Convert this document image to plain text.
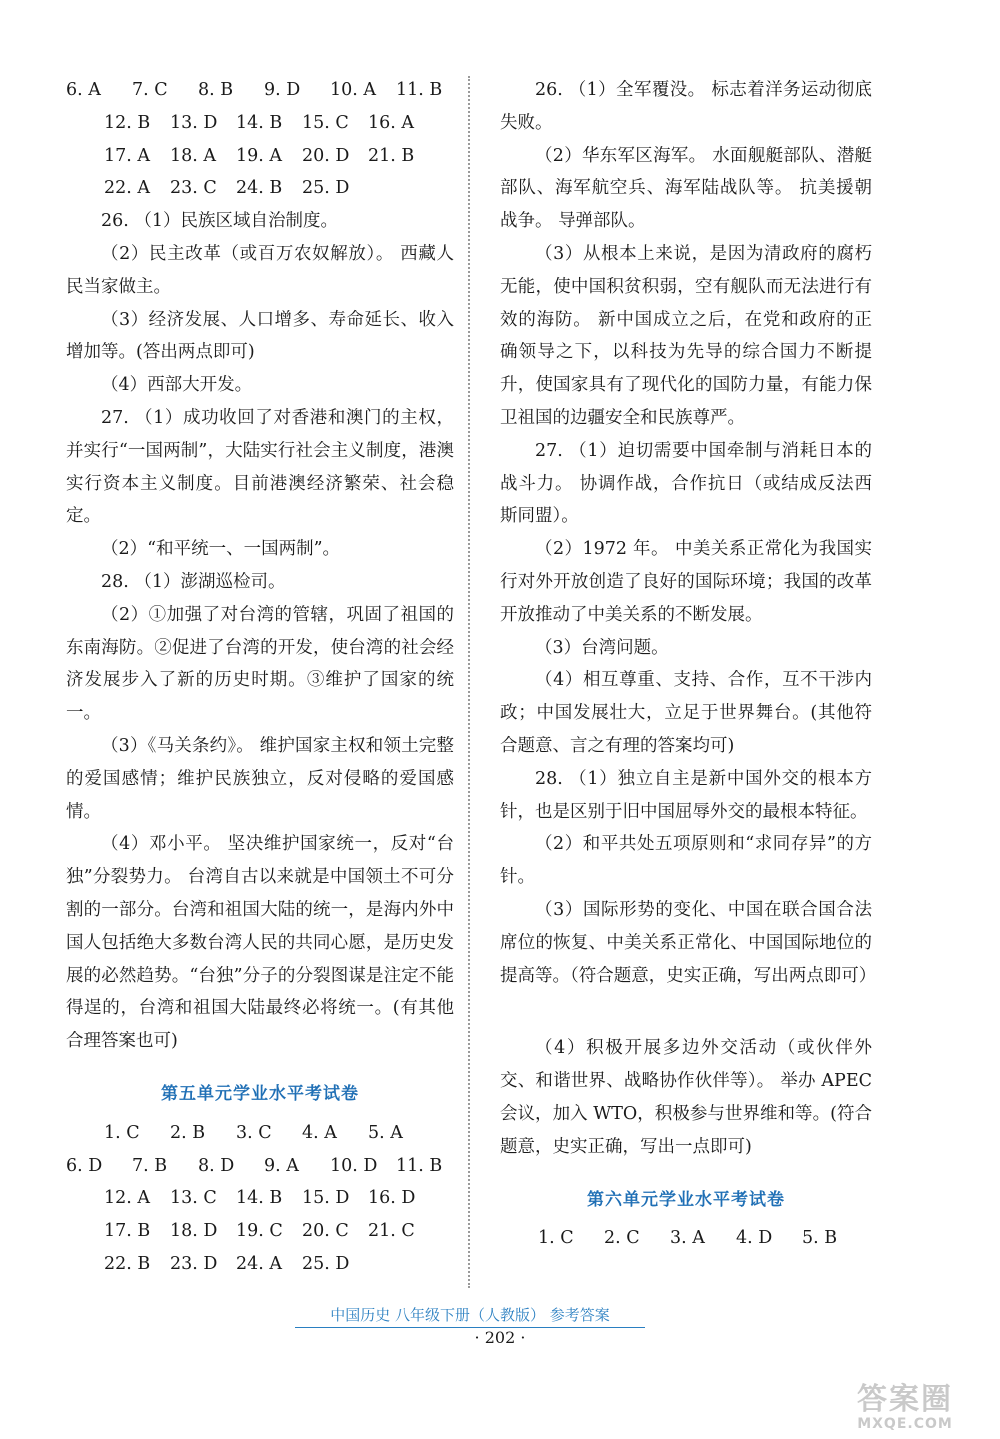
6. A 7. C 8. B 9. D 10. A 11. B
12. B 13. D 14. B 15. C 16. A
17. A 18. A 19. A 20. D 21. B
22. A 23. C 24. B 25. D

26. （1）民族区域自治制度。

（2）民主改革（或百万农奴解放）。 西藏人民当家做主。

（3）经济发展、人口增多、寿命延长、收入增加等。(答出两点即可)

（4）西部大开发。

27. （1）成功收回了对香港和澳门的主权，并实行“一国两制”，大陆实行社会主义制度，港澳实行资本主义制度。目前港澳经济繁荣、社会稳定。

（2）“和平统一、一国两制”。

28. （1）澎湖巡检司。

（2）①加强了对台湾的管辖，巩固了祖国的东南海防。②促进了台湾的开发，使台湾的社会经济发展步入了新的历史时期。③维护了国家的统一。

（3）《马关条约》。 维护国家主权和领土完整的爱国感情；维护民族独立，反对侵略的爱国感情。

（4）邓小平。 坚决维护国家统一，反对“台独”分裂势力。 台湾自古以来就是中国领土不可分割的一部分。台湾和祖国大陆的统一，是海内外中国人包括绝大多数台湾人民的共同心愿，是历史发展的必然趋势。“台独”分子的分裂图谋是注定不能得逞的，台湾和祖国大陆最终必将统一。(有其他合理答案也可)

第五单元学业水平考试卷
1. C 2. B 3. C 4. A 5. A
6. D 7. B 8. D 9. A 10. D 11. B
12. A 13. C 14. B 15. D 16. D
17. B 18. D 19. C 20. C 21. C
22. B 23. D 24. A 25. D

26. （1）全军覆没。 标志着洋务运动彻底失败。

（2）华东军区海军。 水面舰艇部队、潜艇部队、海军航空兵、海军陆战队等。 抗美援朝战争。 导弹部队。

（3）从根本上来说，是因为清政府的腐朽无能，使中国积贫积弱，空有舰队而无法进行有效的海防。 新中国成立之后，在党和政府的正确领导之下，以科技为先导的综合国力不断提升，使国家具有了现代化的国防力量，有能力保卫祖国的边疆安全和民族尊严。

27. （1）迫切需要中国牵制与消耗日本的战斗力。 协调作战，合作抗日（或结成反法西斯同盟）。

（2）1972 年。 中美关系正常化为我国实行对外开放创造了良好的国际环境；我国的改革开放推动了中美关系的不断发展。

（3）台湾问题。

（4）相互尊重、支持、合作，互不干涉内政；中国发展壮大，立足于世界舞台。(其他符合题意、言之有理的答案均可)

28. （1）独立自主是新中国外交的根本方针，也是区别于旧中国屈辱外交的最根本特征。

（2）和平共处五项原则和“求同存异”的方针。

（3）国际形势的变化、中国在联合国合法席位的恢复、中美关系正常化、中国国际地位的提高等。（符合题意，史实正确，写出两点即可）

（4）积极开展多边外交活动（或伙伴外交、和谐世界、战略协作伙伴等）。 举办 APEC 会议，加入 WTO，积极参与世界维和等。(符合题意，史实正确，写出一点即可)

第六单元学业水平考试卷
1. C 2. C 3. A 4. D 5. B
中国历史 八年级下册（人教版） 参考答案
· 202 ·
答案圈
MXQE.COM
